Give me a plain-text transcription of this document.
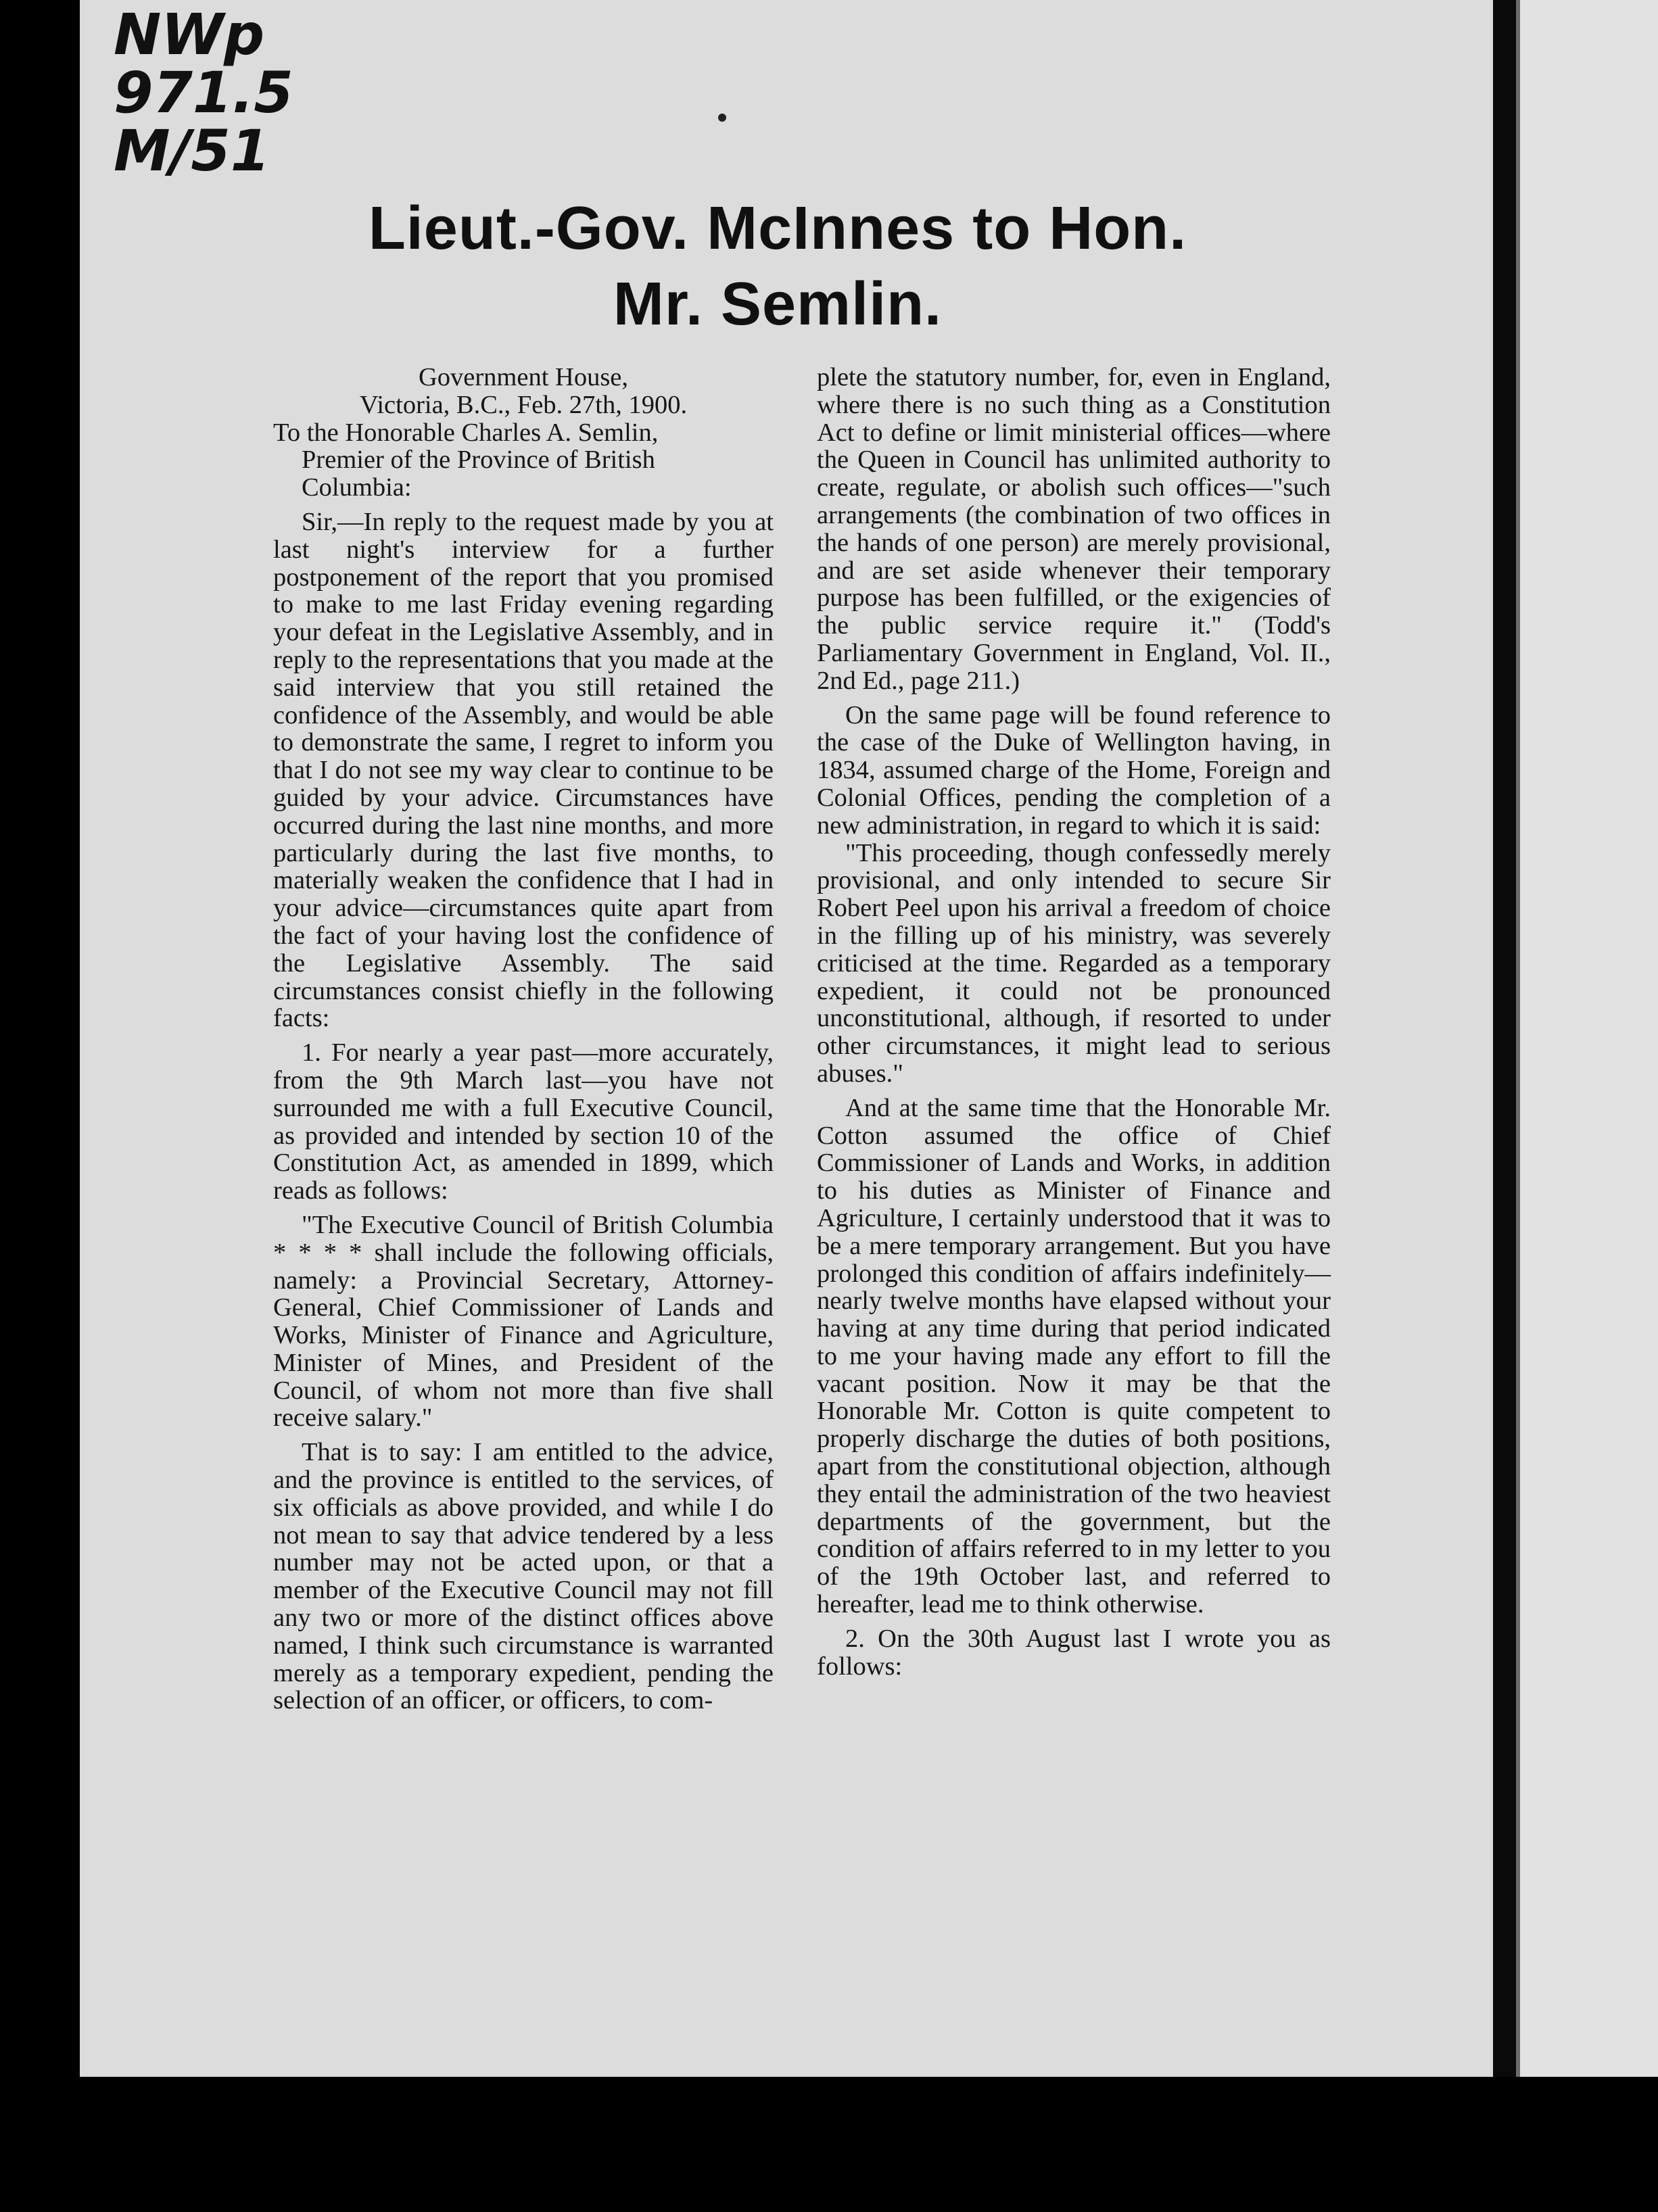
NWp
971.5
M/51
Lieut.-Gov. McInnes to Hon.
Mr. Semlin.

Government House,

Victoria, B.C., Feb. 27th, 1900.

To the Honorable Charles A. Semlin,

Premier of the Province of British

Columbia:

Sir,—In reply to the request made by you at last night's interview for a further postponement of the report that you promised to make to me last Friday evening regarding your defeat in the Legislative Assembly, and in reply to the representations that you made at the said interview that you still retained the confidence of the Assembly, and would be able to demonstrate the same, I regret to inform you that I do not see my way clear to continue to be guided by your advice. Circumstances have occurred during the last nine months, and more particularly during the last five months, to materially weaken the confidence that I had in your advice—circumstances quite apart from the fact of your having lost the confidence of the Legislative Assembly. The said circumstances consist chiefly in the following facts:

1. For nearly a year past—more accurately, from the 9th March last—you have not surrounded me with a full Executive Council, as provided and intended by section 10 of the Constitution Act, as amended in 1899, which reads as follows:

"The Executive Council of British Columbia * * * * shall include the following officials, namely: a Provincial Secretary, Attorney-General, Chief Commissioner of Lands and Works, Minister of Finance and Agriculture, Minister of Mines, and President of the Council, of whom not more than five shall receive salary."

That is to say: I am entitled to the advice, and the province is entitled to the services, of six officials as above provided, and while I do not mean to say that advice tendered by a less number may not be acted upon, or that a member of the Executive Council may not fill any two or more of the distinct offices above named, I think such circumstance is warranted merely as a temporary expedient, pending the selection of an officer, or officers, to com-

plete the statutory number, for, even in England, where there is no such thing as a Constitution Act to define or limit ministerial offices—where the Queen in Council has unlimited authority to create, regulate, or abolish such offices—"such arrangements (the combination of two offices in the hands of one person) are merely provisional, and are set aside whenever their temporary purpose has been fulfilled, or the exigencies of the public service require it." (Todd's Parliamentary Government in England, Vol. II., 2nd Ed., page 211.)

On the same page will be found reference to the case of the Duke of Wellington having, in 1834, assumed charge of the Home, Foreign and Colonial Offices, pending the completion of a new administration, in regard to which it is said:

"This proceeding, though confessedly merely provisional, and only intended to secure Sir Robert Peel upon his arrival a freedom of choice in the filling up of his ministry, was severely criticised at the time. Regarded as a temporary expedient, it could not be pronounced unconstitutional, although, if resorted to under other circumstances, it might lead to serious abuses."

And at the same time that the Honorable Mr. Cotton assumed the office of Chief Commissioner of Lands and Works, in addition to his duties as Minister of Finance and Agriculture, I certainly understood that it was to be a mere temporary arrangement. But you have prolonged this condition of affairs indefinitely—nearly twelve months have elapsed without your having at any time during that period indicated to me your having made any effort to fill the vacant position. Now it may be that the Honorable Mr. Cotton is quite competent to properly discharge the duties of both positions, apart from the constitutional objection, although they entail the administration of the two heaviest departments of the government, but the condition of affairs referred to in my letter to you of the 19th October last, and referred to hereafter, lead me to think otherwise.

2. On the 30th August last I wrote you as follows:
